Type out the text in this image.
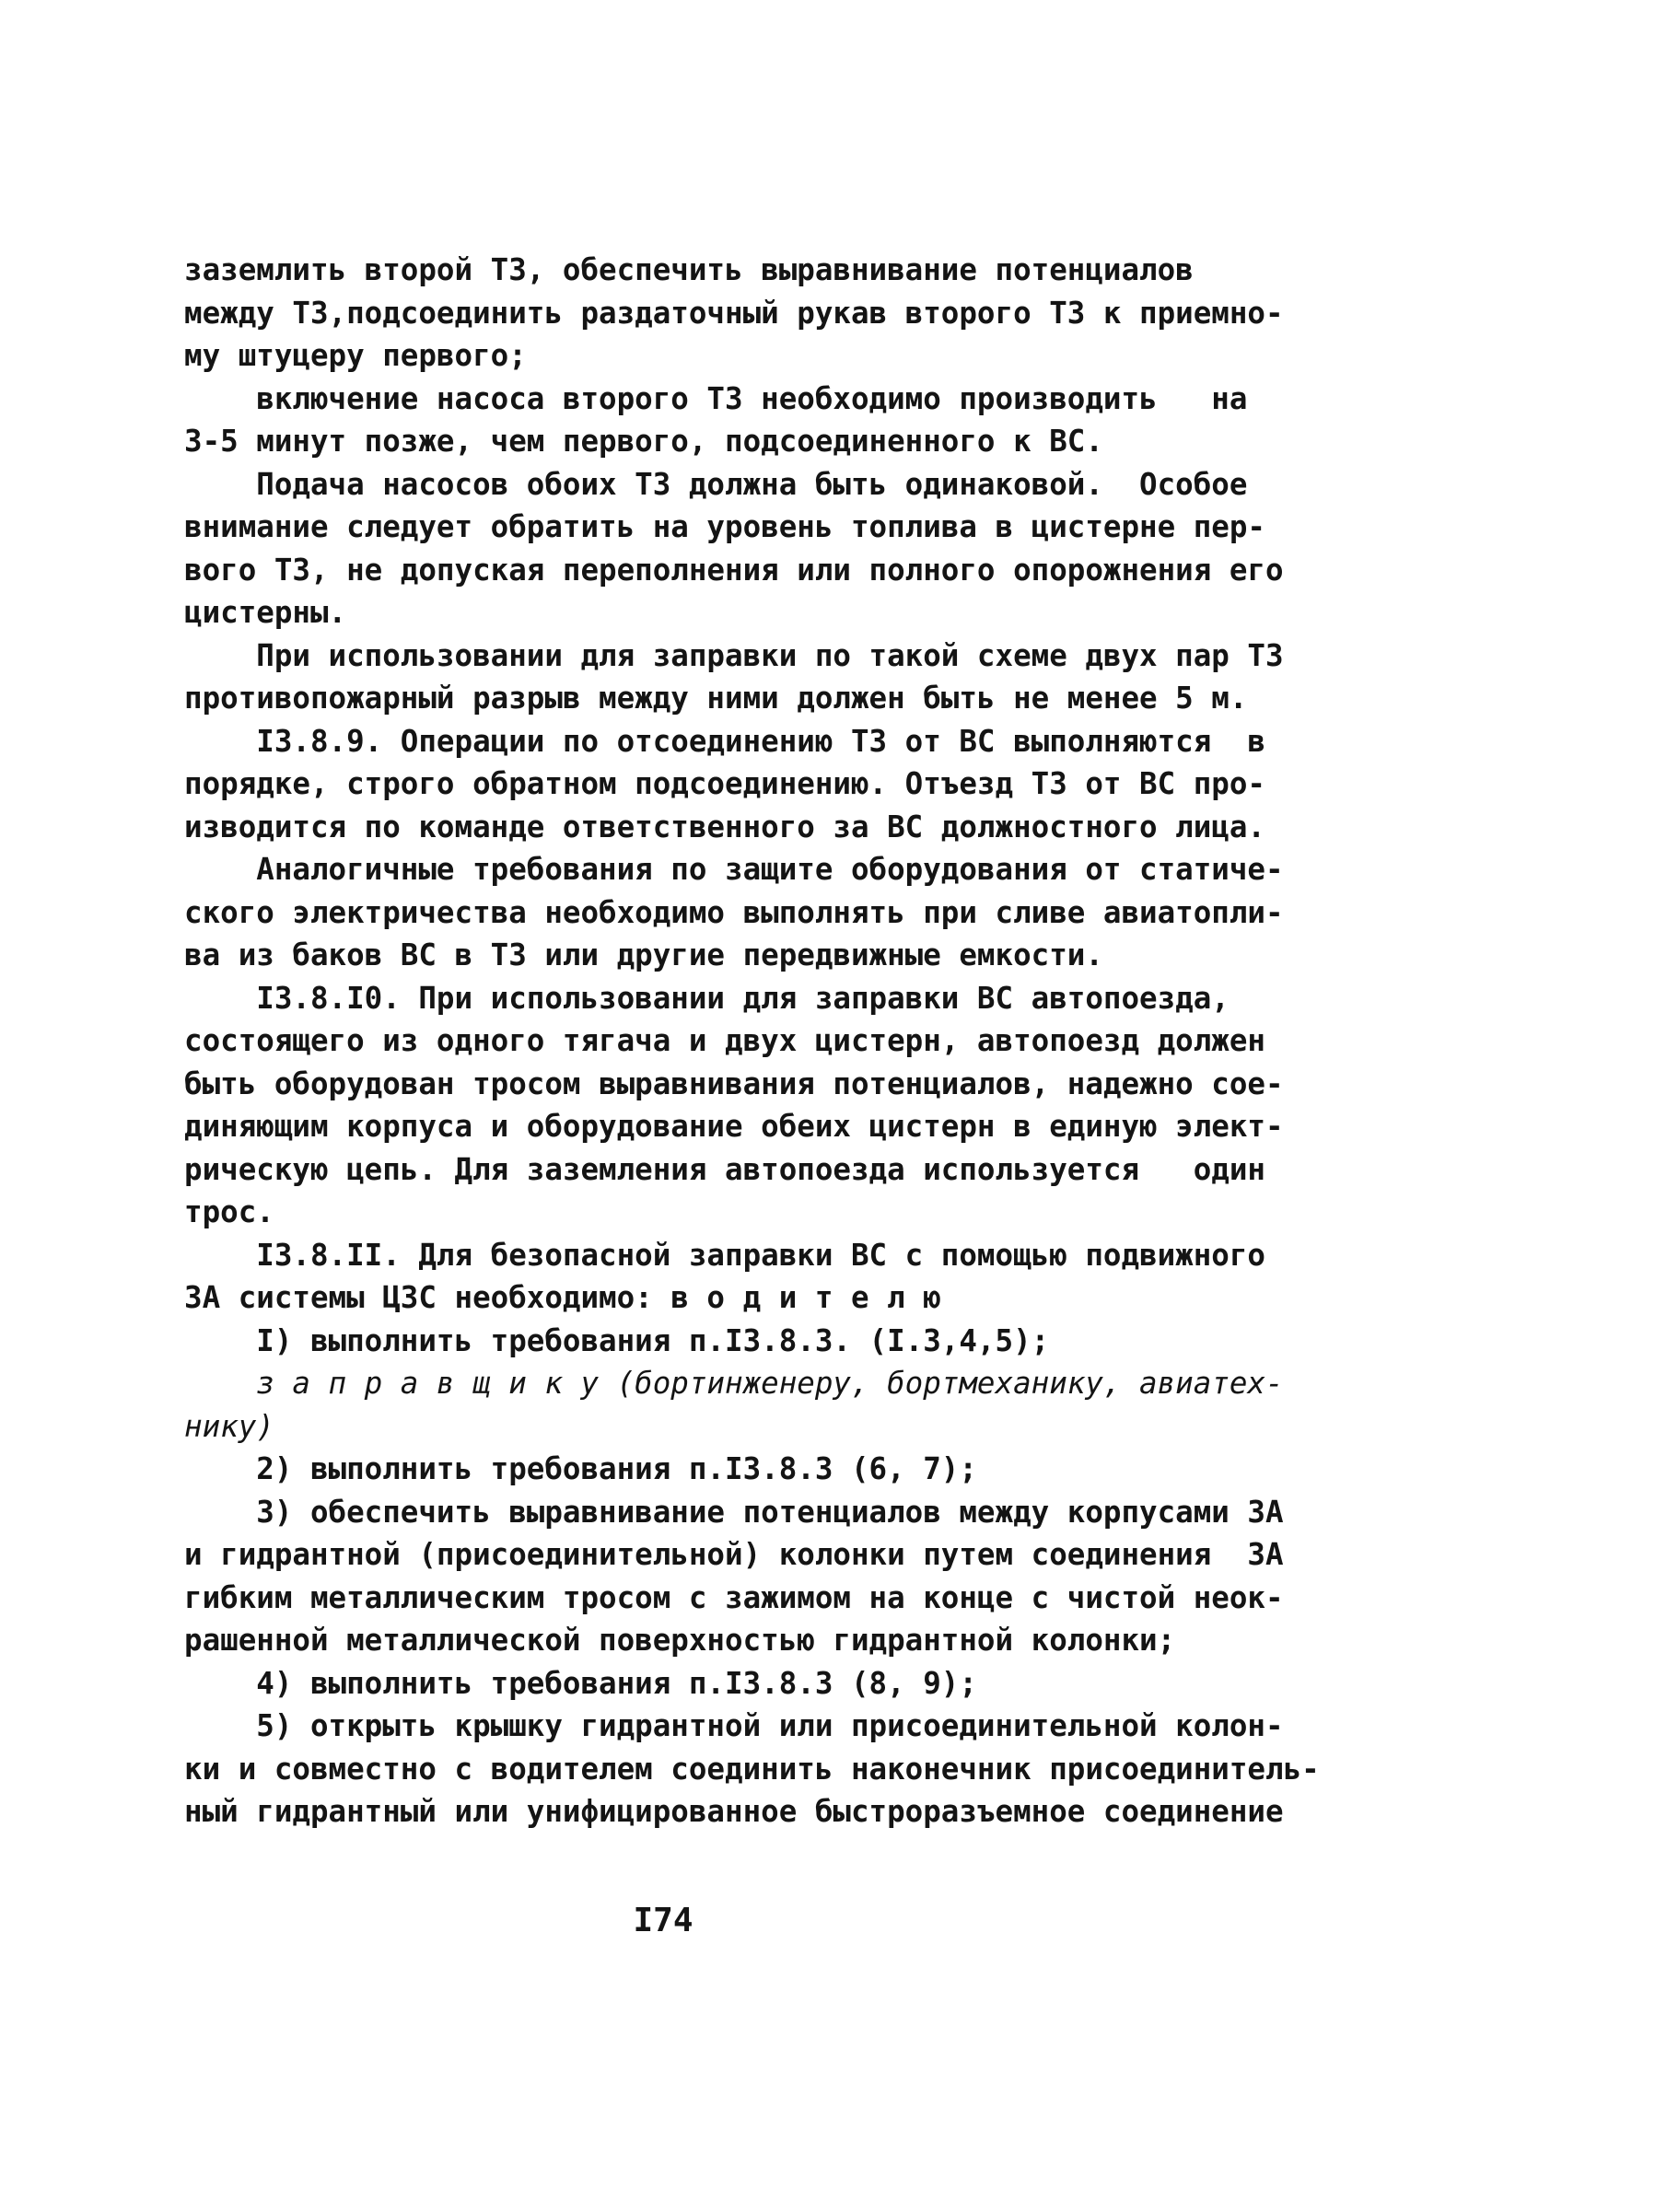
заземлить второй ТЗ, обеспечить выравнивание потенциалов
между ТЗ,подсоединить раздаточный рукав второго ТЗ к приемно-
му штуцеру первого;
включение насоса второго ТЗ необходимо производить   на
3-5 минут позже, чем первого, подсоединенного к ВС.
Подача насосов обоих ТЗ должна быть одинаковой.  Особое
внимание следует обратить на уровень топлива в цистерне пер-
вого ТЗ, не допуская переполнения или полного опорожнения его
цистерны.
При использовании для заправки по такой схеме двух пар ТЗ
противопожарный разрыв между ними должен быть не менее 5 м.
I3.8.9. Операции по отсоединению ТЗ от ВС выполняются  в
порядке, строго обратном подсоединению. Отъезд ТЗ от ВС про-
изводится по команде ответственного за ВС должностного лица.
Аналогичные требования по защите оборудования от статиче-
ского электричества необходимо выполнять при сливе авиатопли-
ва из баков ВС в ТЗ или другие передвижные емкости.
I3.8.I0. При использовании для заправки ВС автопоезда,
состоящего из одного тягача и двух цистерн, автопоезд должен
быть оборудован тросом выравнивания потенциалов, надежно сое-
диняющим корпуса и оборудование обеих цистерн в единую элект-
рическую цепь. Для заземления автопоезда используется   один
трос.
I3.8.II. Для безопасной заправки ВС с помощью подвижного
ЗА системы ЦЗС необходимо: в о д и т е л ю
I) выполнить требования п.I3.8.3. (I.3,4,5);
з а п р а в щ и к у (бортинженеру, бортмеханику, авиатех-
нику)
2) выполнить требования п.I3.8.3 (6, 7);
3) обеспечить выравнивание потенциалов между корпусами ЗА
и гидрантной (присоединительной) колонки путем соединения  ЗА
гибким металлическим тросом с зажимом на конце с чистой неок-
рашенной металлической поверхностью гидрантной колонки;
4) выполнить требования п.I3.8.3 (8, 9);
5) открыть крышку гидрантной или присоединительной колон-
ки и совместно с водителем соединить наконечник присоединитель-
ный гидрантный или унифицированное быстроразъемное соединение
I74
